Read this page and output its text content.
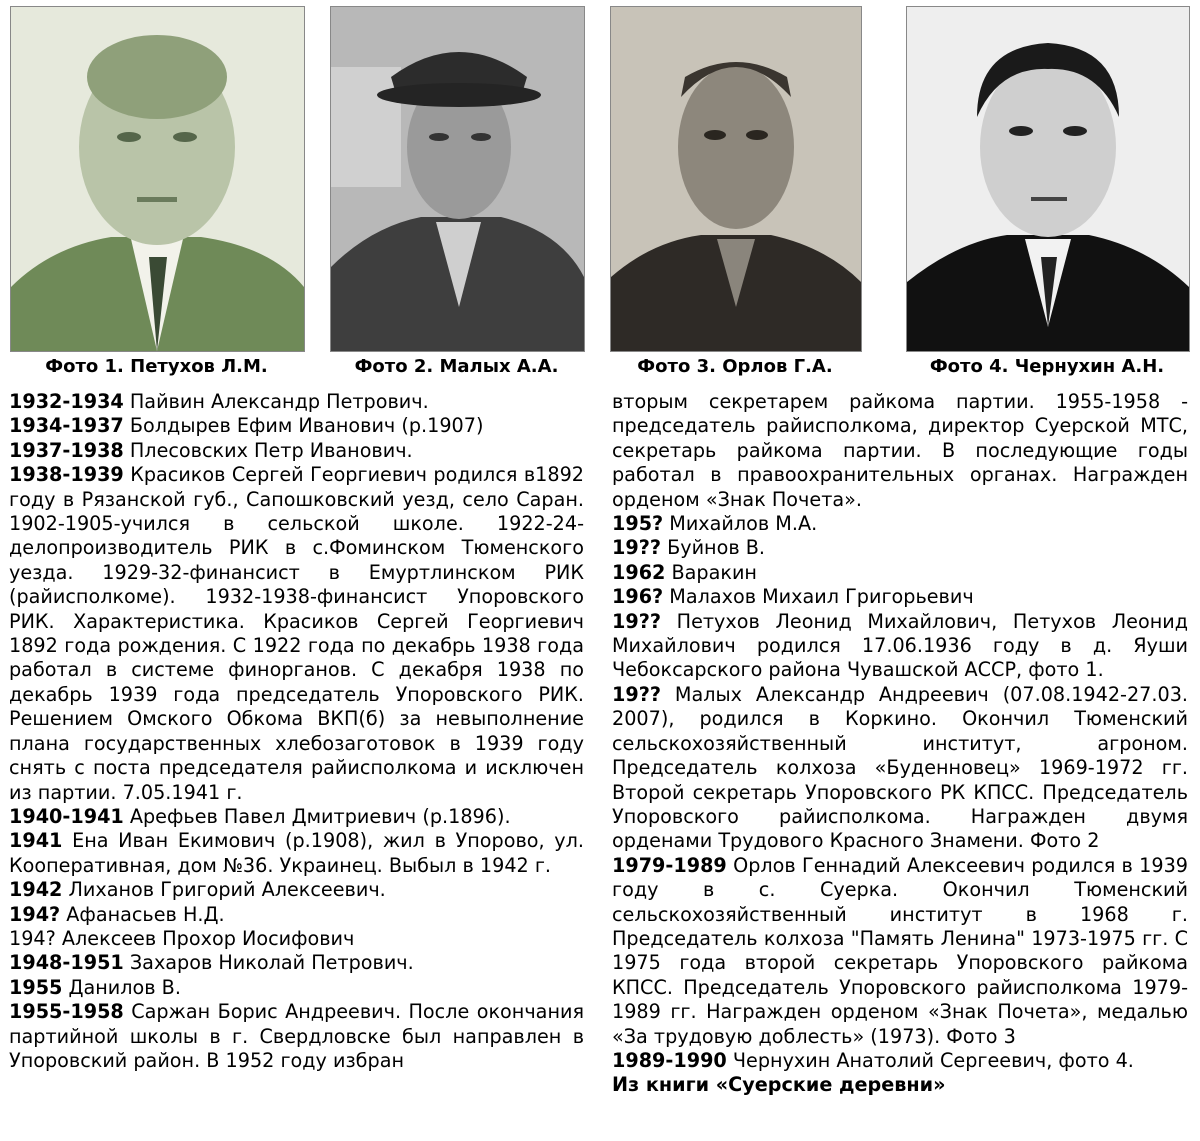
Фото 1. Петухов Л.М.	Фото 2. Малых А.А.	Фото 3. Орлов Г.А.	Фото 4. Чернухин А.Н.

1932-1934 Пайвин Александр Петрович.

1934-1937 Болдырев Ефим Иванович (р.1907)

1937-1938 Плесовских Петр Иванович.

1938-1939 Красиков Сергей Георгиевич родился в1892 году в Рязанской губ., Сапошковский уезд, село Саран. 1902-1905-учился в сельской школе. 1922-24-делопроизводитель РИК в с.Фоминском Тюменского уезда. 1929-32-финансист в Емуртлинском РИК (райисполкоме). 1932-1938-финансист Упоровского РИК. Характеристика. Красиков Сергей Георгиевич 1892 года рождения. С 1922 года по декабрь 1938 года работал в системе финорганов. С декабря 1938 по декабрь 1939 года председатель Упоровского РИК. Решением Омского Обкома ВКП(б) за невыполнение плана государственных хлебозаготовок в 1939 году снять с поста председателя райисполкома и исключен из партии. 7.05.1941 г.

1940-1941 Арефьев Павел Дмитриевич (р.1896).

1941 Ена Иван Екимович (р.1908), жил в Упорово, ул. Кооперативная, дом №36. Украинец. Выбыл в 1942 г.

1942 Лиханов Григорий Алексеевич.

194? Афанасьев Н.Д.

194? Алексеев Прохор Иосифович

1948-1951 Захаров Николай Петрович.

1955 Данилов В.

1955-1958 Саржан Борис Андреевич. После окончания партийной школы в г. Свердловске был направлен в Упоровский район. В 1952 году избран

вторым секретарем райкома партии. 1955-1958 - председатель райисполкома, директор Суерской МТС, секретарь райкома партии. В последующие годы работал в правоохранительных органах. Награжден орденом «Знак Почета».

195? Михайлов М.А.

19?? Буйнов В.

1962 Варакин

196? Малахов Михаил Григорьевич

19?? Петухов Леонид Михайлович, Петухов Леонид Михайлович родился 17.06.1936 году в д. Яуши Чебоксарского района Чувашской АССР, фото 1.

19?? Малых Александр Андреевич (07.08.1942-27.03. 2007), родился в Коркино. Окончил Тюменский сельскохозяйственный институт, агроном. Председатель колхоза «Буденновец» 1969-1972 гг. Второй секретарь Упоровского РК КПСС. Председатель Упоровского райисполкома. Награжден двумя орденами Трудового Красного Знамени. Фото 2

1979-1989 Орлов Геннадий Алексеевич родился в 1939 году в с. Суерка. Окончил Тюменский сельскохозяйственный институт в 1968 г. Председатель колхоза "Память Ленина" 1973-1975 гг. С 1975 года второй секретарь Упоровского райкома КПСС. Председатель Упоровского райисполкома 1979-1989 гг. Награжден орденом «Знак Почета», медалью «За трудовую доблесть» (1973). Фото 3

1989-1990 Чернухин Анатолий Сергеевич, фото 4.

Из книги «Суерские деревни»
